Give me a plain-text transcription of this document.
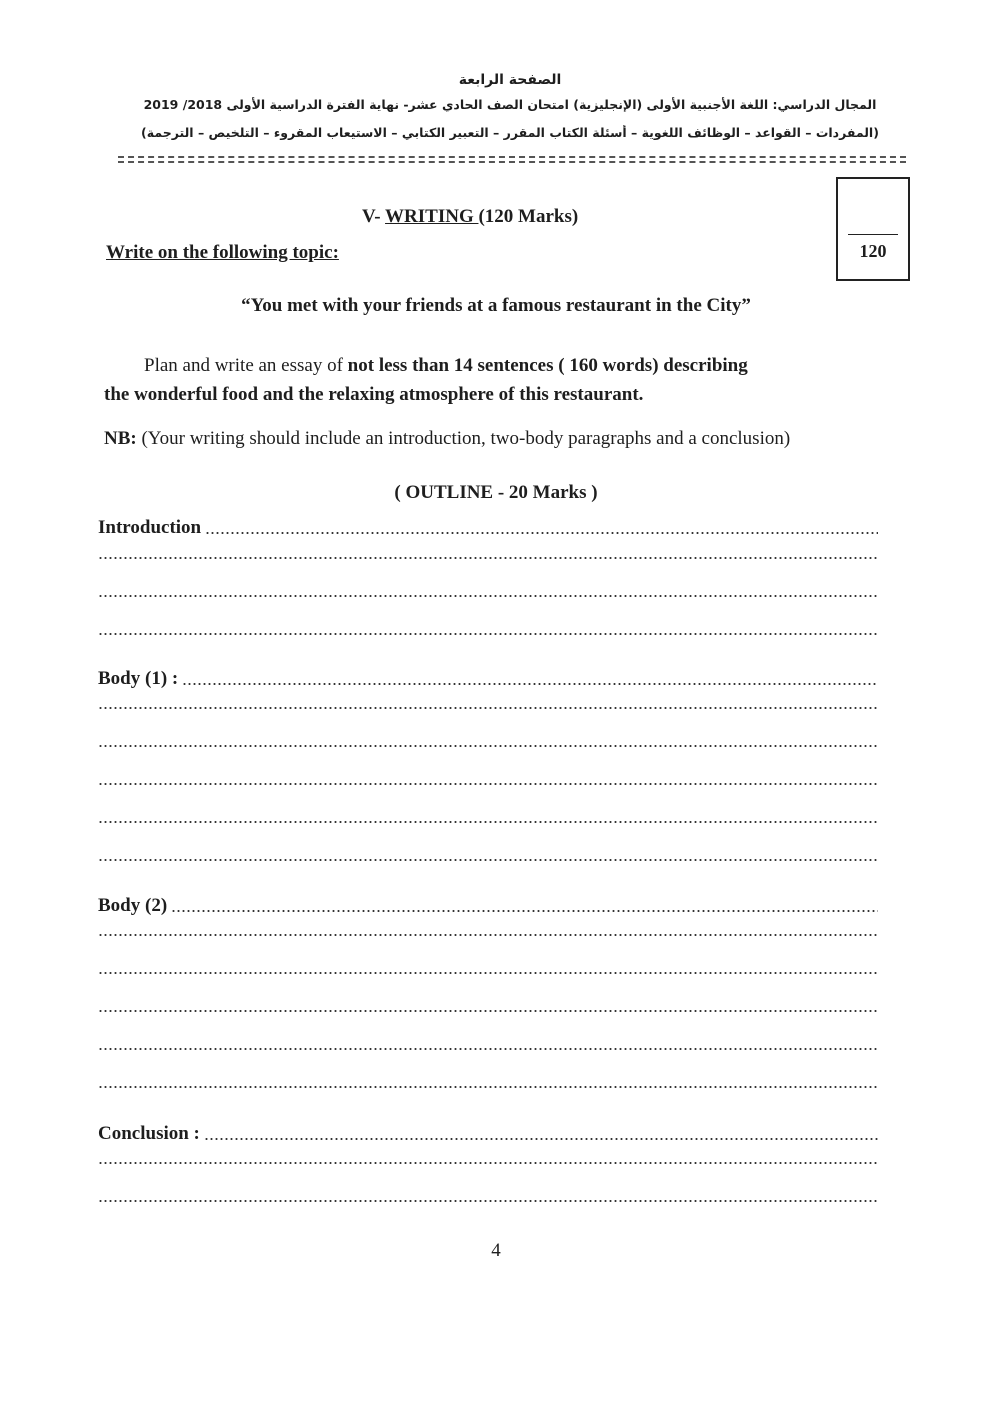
الصفحة الرابعة
المجال الدراسي: اللغة الأجنبية الأولى (الإنجليزية) امتحان الصف الحادي عشر- نهاية الفترة الدراسية الأولى 2018/ 2019
(المفردات – القواعد – الوظائف اللغوية – أسئلة الكتاب المقرر – التعبير الكتابي – الاستيعاب المقروء – التلخيص – الترجمة)
120
V- WRITING (120 Marks)
Write on the following topic:
“You met with your friends at a famous restaurant in the City”
Plan and write an essay of not less than 14 sentences ( 160 words) describing
the wonderful food and the relaxing atmosphere of this restaurant.
NB: (Your writing should include an introduction, two-body paragraphs and a conclusion)
( OUTLINE - 20 Marks )
Introduction
Body (1) :
Body (2)
Conclusion :
4
